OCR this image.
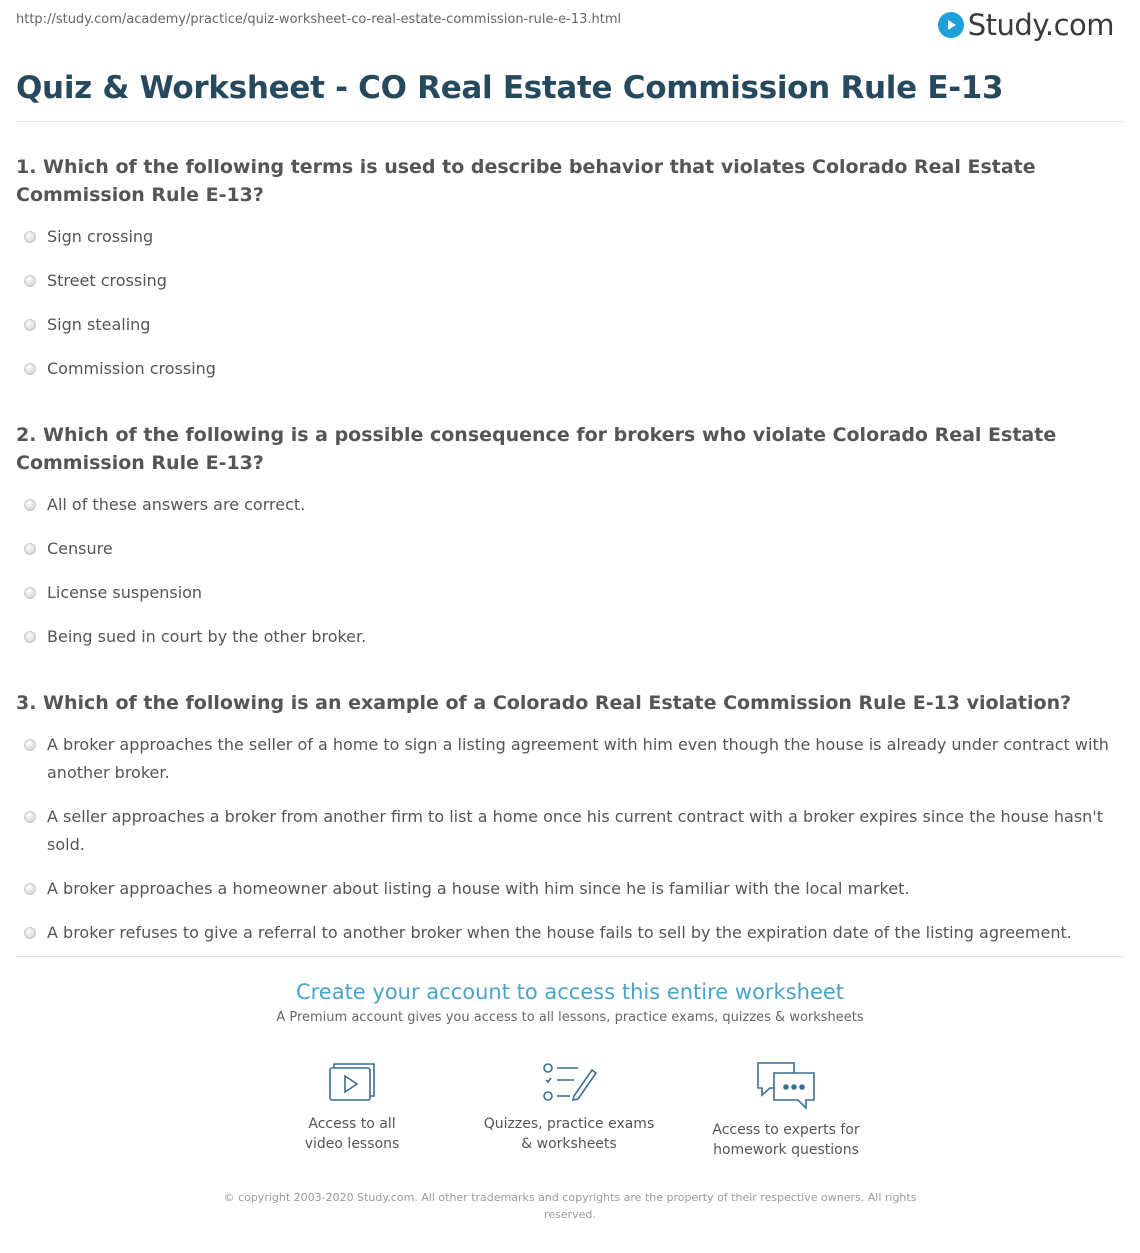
http://study.com/academy/practice/quiz-worksheet-co-real-estate-commission-rule-e-13.html	Study.com
Quiz & Worksheet - CO Real Estate Commission Rule E-13

1. Which of the following terms is used to describe behavior that violates Colorado Real Estate Commission Rule E-13?

Sign crossing
Street crossing
Sign stealing
Commission crossing

2. Which of the following is a possible consequence for brokers who violate Colorado Real Estate Commission Rule E-13?

All of these answers are correct.
Censure
License suspension
Being sued in court by the other broker.

3. Which of the following is an example of a Colorado Real Estate Commission Rule E-13 violation?

A broker approaches the seller of a home to sign a listing agreement with him even though the house is already under contract with another broker.
A seller approaches a broker from another firm to list a home once his current contract with a broker expires since the house hasn't sold.
A broker approaches a homeowner about listing a house with him since he is familiar with the local market.
A broker refuses to give a referral to another broker when the house fails to sell by the expiration date of the listing agreement.
Create your account to access this entire worksheet
A Premium account gives you access to all lessons, practice exams, quizzes & worksheets
Access to all
video lessons
Quizzes, practice exams
& worksheets
Access to experts for
homework questions
© copyright 2003-2020 Study.com. All other trademarks and copyrights are the property of their respective owners. All rights
reserved.
